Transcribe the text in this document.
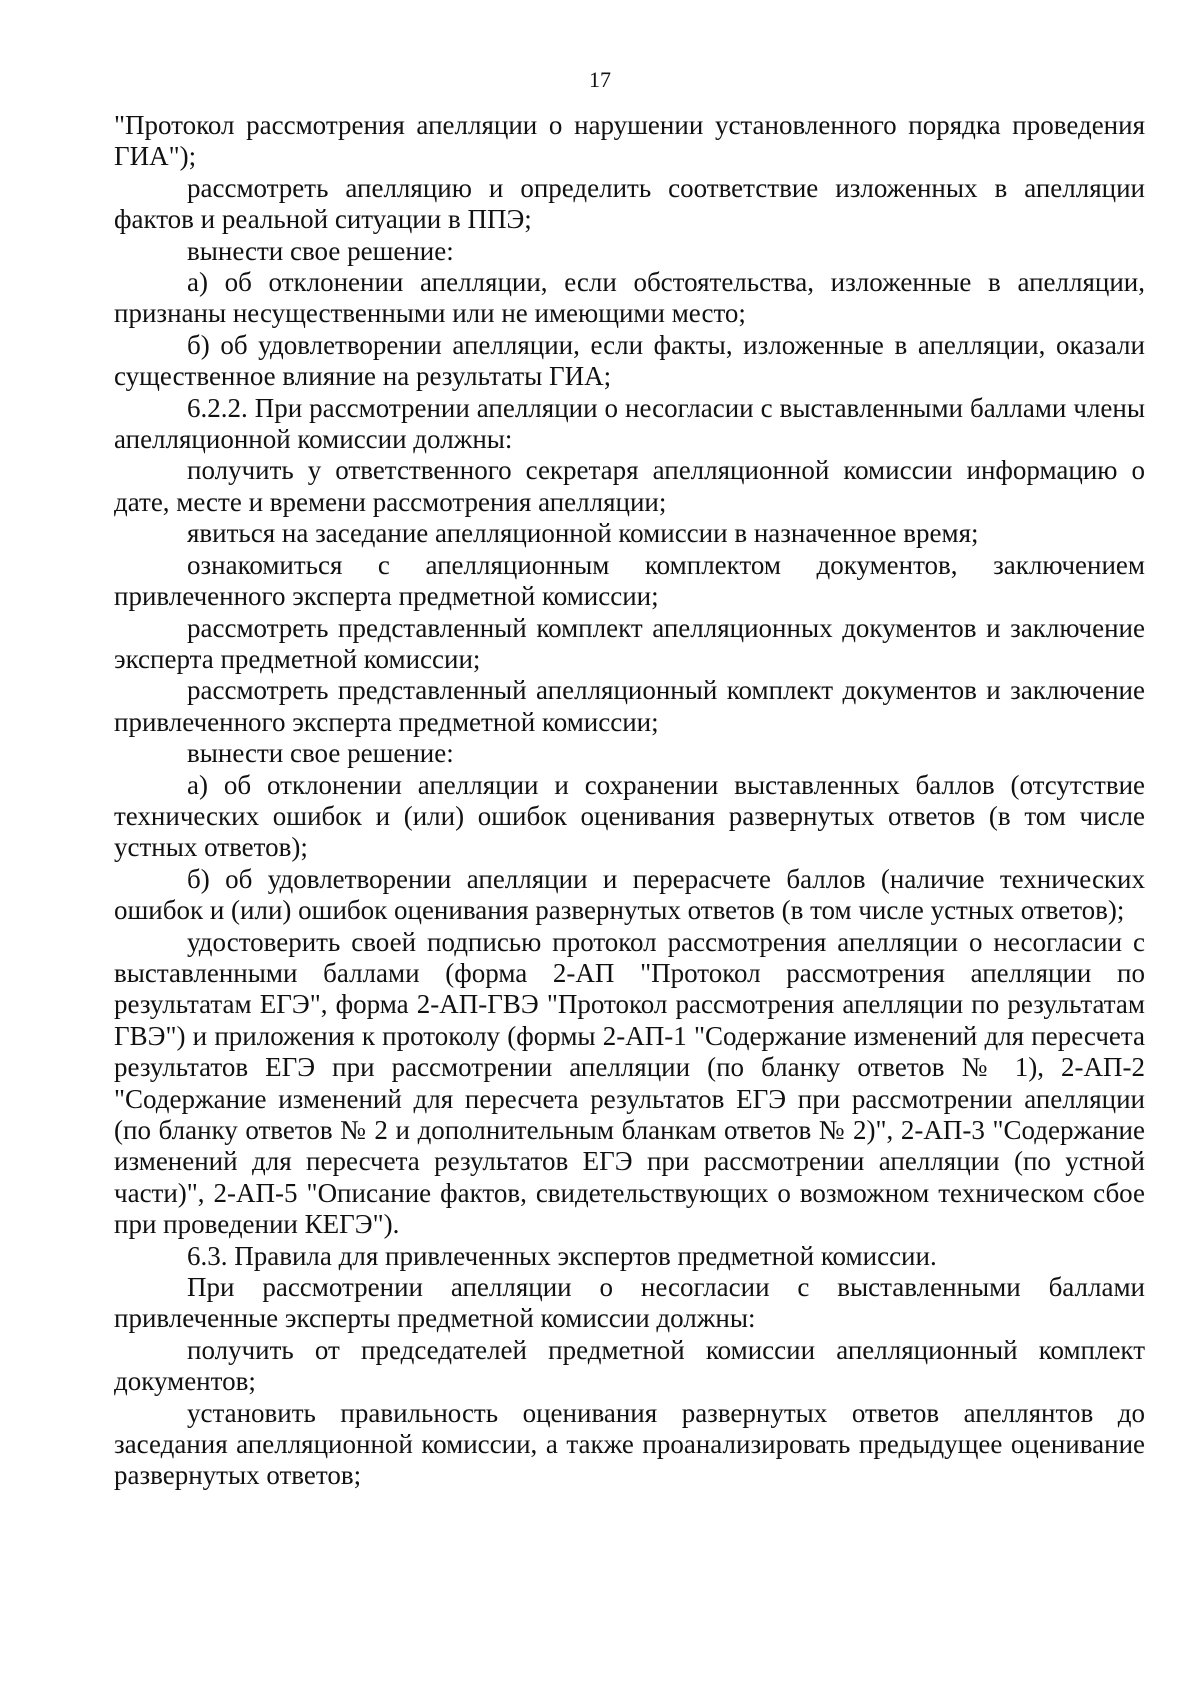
17

"Протокол рассмотрения апелляции о нарушении установленного порядка проведения ГИА");

рассмотреть апелляцию и определить соответствие изложенных в апелляции фактов и реальной ситуации в ППЭ;

вынести свое решение:

а) об отклонении апелляции, если обстоятельства, изложенные в апелляции, признаны несущественными или не имеющими место;

б) об удовлетворении апелляции, если факты, изложенные в апелляции, оказали существенное влияние на результаты ГИА;

6.2.2. При рассмотрении апелляции о несогласии с выставленными баллами члены апелляционной комиссии должны:

получить у ответственного секретаря апелляционной комиссии информацию о дате, месте и времени рассмотрения апелляции;

явиться на заседание апелляционной комиссии в назначенное время;

ознакомиться с апелляционным комплектом документов, заключением привлеченного эксперта предметной комиссии;

рассмотреть представленный комплект апелляционных документов и заключение эксперта предметной комиссии;

рассмотреть представленный апелляционный комплект документов и заключение привлеченного эксперта предметной комиссии;

вынести свое решение:

а) об отклонении апелляции и сохранении выставленных баллов (отсутствие технических ошибок и (или) ошибок оценивания развернутых ответов (в том числе устных ответов);

б) об удовлетворении апелляции и перерасчете баллов (наличие технических ошибок и (или) ошибок оценивания развернутых ответов (в том числе устных ответов);

удостоверить своей подписью протокол рассмотрения апелляции о несогласии с выставленными баллами (форма 2-АП "Протокол рассмотрения апелляции по результатам ЕГЭ", форма 2-АП-ГВЭ "Протокол рассмотрения апелляции по результатам ГВЭ") и приложения к протоколу (формы 2-АП-1 "Содержание изменений для пересчета результатов ЕГЭ при рассмотрении апелляции (по бланку ответов № 1), 2-АП-2 "Содержание изменений для пересчета результатов ЕГЭ при рассмотрении апелляции (по бланку ответов № 2 и дополнительным бланкам ответов № 2)", 2-АП-3 "Содержание изменений для пересчета результатов ЕГЭ при рассмотрении апелляции (по устной части)", 2-АП-5 "Описание фактов, свидетельствующих о возможном техническом сбое при проведении КЕГЭ").

6.3. Правила для привлеченных экспертов предметной комиссии.

При рассмотрении апелляции о несогласии с выставленными баллами привлеченные эксперты предметной комиссии должны:

получить от председателей предметной комиссии апелляционный комплект документов;

установить правильность оценивания развернутых ответов апеллянтов до заседания апелляционной комиссии, а также проанализировать предыдущее оценивание развернутых ответов;
